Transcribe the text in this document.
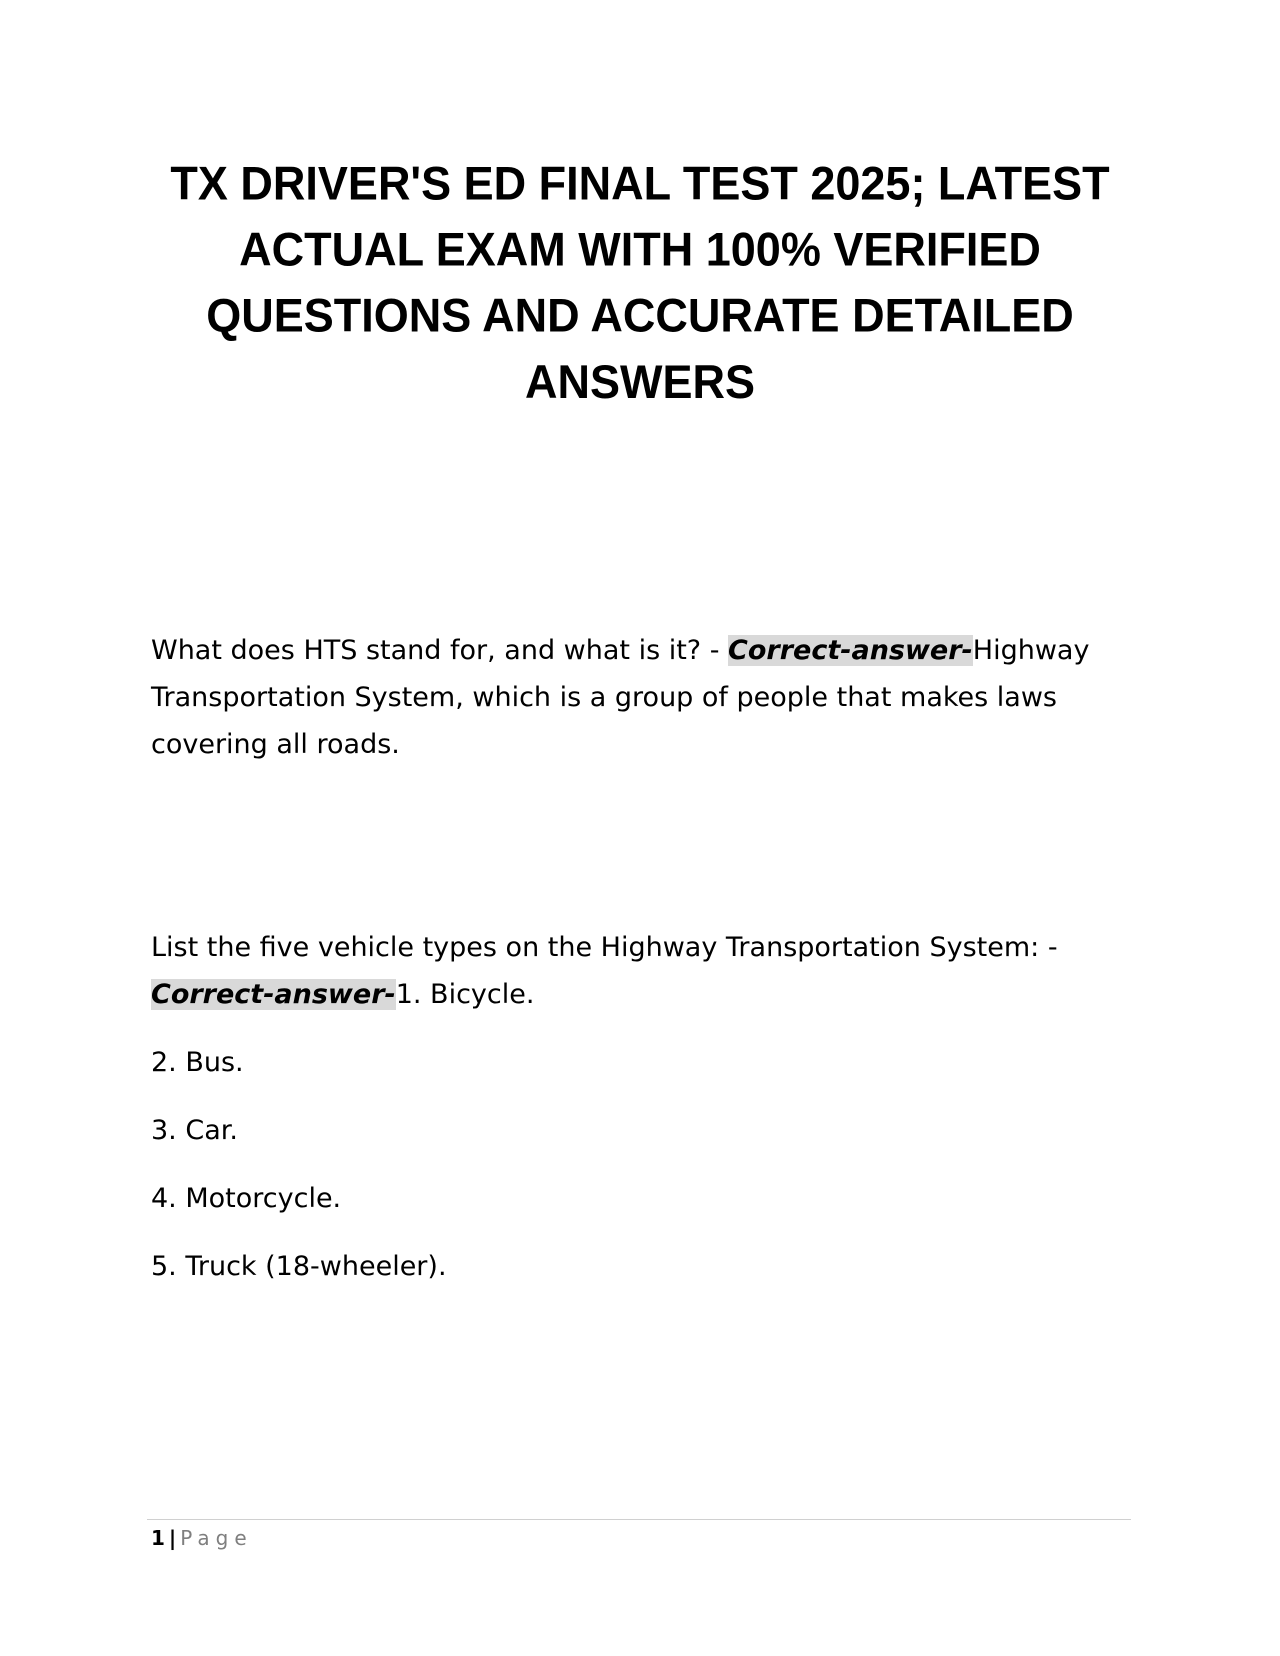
TX DRIVER'S ED FINAL TEST 2025; LATEST ACTUAL EXAM WITH 100% VERIFIED QUESTIONS AND ACCURATE DETAILED ANSWERS

What does HTS stand for, and what is it? - Correct-answer-Highway Transportation System, which is a group of people that makes laws covering all roads.

List the five vehicle types on the Highway Transportation System: - Correct-answer-1. Bicycle.

2. Bus.

3. Car.

4. Motorcycle.

5. Truck (18-wheeler).

1 | Page
